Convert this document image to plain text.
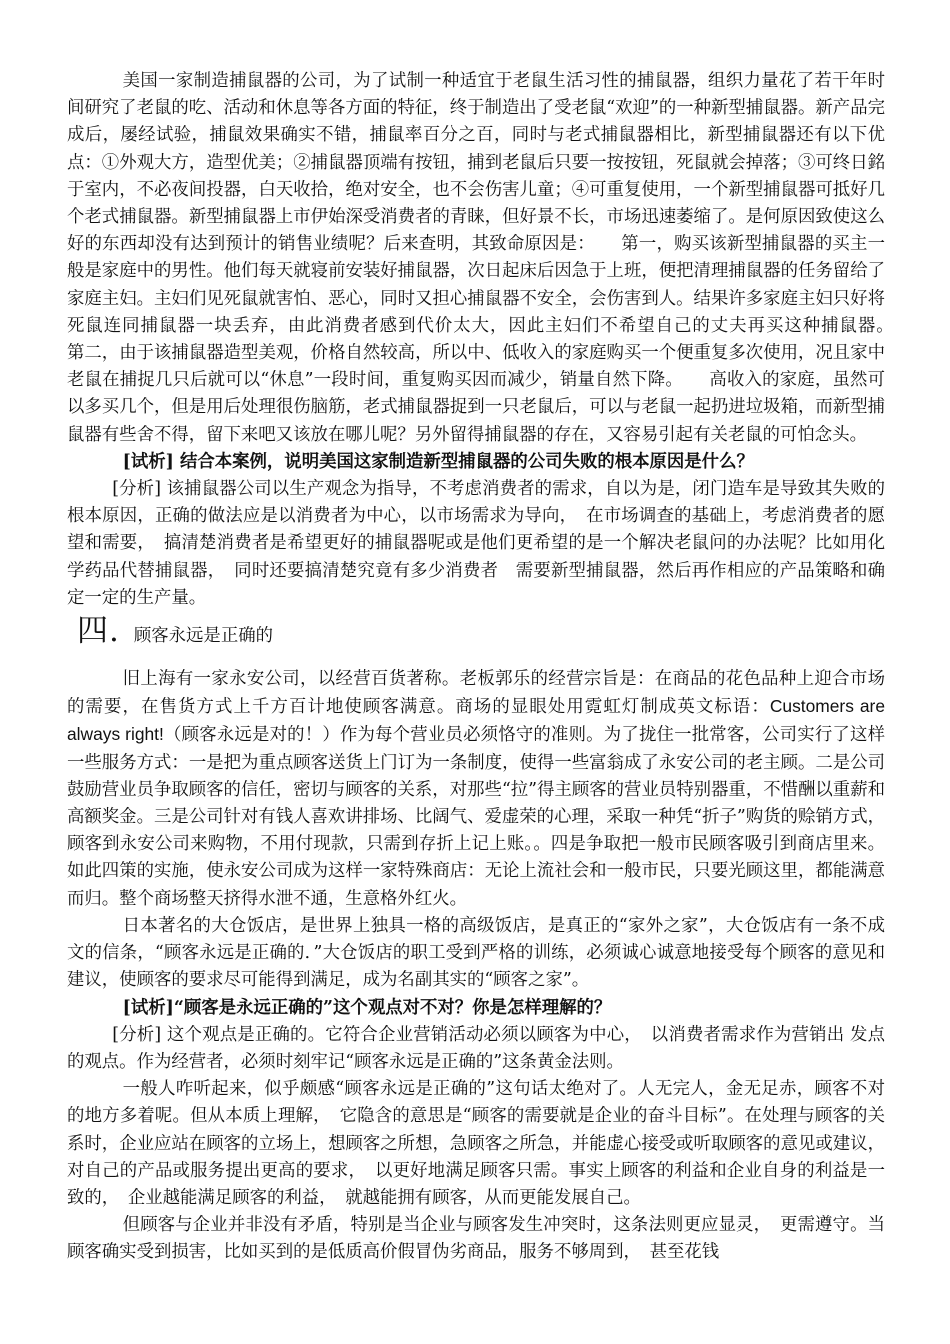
美国一家制造捕鼠器的公司，为了试制一种适宜于老鼠生活习性的捕鼠器，组织力量花了若干年时间研究了老鼠的吃、活动和休息等各方面的特征，终于制造出了受老鼠“欢迎”的一种新型捕鼠器。新产品完成后，屡经试验，捕鼠效果确实不错，捕鼠率百分之百，同时与老式捕鼠器相比，新型捕鼠器还有以下优点：①外观大方，造型优美；②捕鼠器顶端有按钮，捕到老鼠后只要一按按钮，死鼠就会掉落；③可终日銘于室内，不必夜间投器，白天收拾，绝对安全，也不会伤害儿童；④可重复使用，一个新型捕鼠器可抵好几个老式捕鼠器。新型捕鼠器上市伊始深受消费者的青睐，但好景不长，市场迅速萎缩了。是何原因致使这么好的东西却没有达到预计的销售业绩呢？后来查明，其致命原因是：　　第一，购买该新型捕鼠器的买主一般是家庭中的男性。他们每天就寝前安装好捕鼠器，次日起床后因急于上班，便把清理捕鼠器的任务留给了家庭主妇。主妇们见死鼠就害怕、恶心，同时又担心捕鼠器不安全，会伤害到人。结果许多家庭主妇只好将死鼠连同捕鼠器一块丢弃，由此消费者感到代价太大，因此主妇们不希望自己的丈夫再买这种捕鼠器。　　第二，由于该捕鼠器造型美观，价格自然较高，所以中、低收入的家庭购买一个便重复多次使用，况且家中老鼠在捕捉几只后就可以“休息”一段时间，重复购买因而减少，销量自然下降。　　高收入的家庭，虽然可以多买几个，但是用后处理很伤脑筋，老式捕鼠器捉到一只老鼠后，可以与老鼠一起扔进垃圾箱，而新型捕鼠器有些舍不得，留下来吧又该放在哪儿呢？另外留得捕鼠器的存在，又容易引起有关老鼠的可怕念头。

[试析] 结合本案例，说明美国这家制造新型捕鼠器的公司失败的根本原因是什么？

[分析] 该捕鼠器公司以生产观念为指导，不考虑消费者的需求，自以为是，闭门造车是导致其失败的根本原因，正确的做法应是以消费者为中心，以市场需求为导向，　在市场调查的基础上，考虑消费者的愿望和需要，　搞清楚消费者是希望更好的捕鼠器呢或是他们更希望的是一个解决老鼠问的办法呢？比如用化学药品代替捕鼠器，　同时还要搞清楚究竟有多少消费者　需要新型捕鼠器，然后再作相应的产品策略和确定一定的生产量。

四. 顾客永远是正确的

旧上海有一家永安公司，以经营百货著称。老板郭乐的经营宗旨是：在商品的花色品种上迎合市场的需要，在售货方式上千方百计地使顾客满意。商场的显眼处用霓虹灯制成英文标语：Customers are always right!（顾客永远是对的！）作为每个营业员必须恪守的准则。为了拢住一批常客，公司实行了这样一些服务方式：一是把为重点顾客送货上门订为一条制度，使得一些富翁成了永安公司的老主顾。二是公司鼓励营业员争取顾客的信任，密切与顾客的关系，对那些“拉”得主顾客的营业员特别器重，不惜酬以重薪和高额奖金。三是公司针对有钱人喜欢讲排场、比阔气、爱虚荣的心理，采取一种凭“折子”购货的赊销方式，顾客到永安公司来购物，不用付现款，只需到存折上记上账。。四是争取把一般市民顾客吸引到商店里来。如此四策的实施，使永安公司成为这样一家特殊商店：无论上流社会和一般市民，只要光顾这里，都能满意而归。整个商场整天挤得水泄不通，生意格外红火。

日本著名的大仓饭店，是世界上独具一格的高级饭店，是真正的“家外之家”，大仓饭店有一条不成文的信条，“顾客永远是正确的．”大仓饭店的职工受到严格的训练，必须诚心诚意地接受每个顾客的意见和建议，使顾客的要求尽可能得到满足，成为名副其实的“顾客之家”。

[试析]“顾客是永远正确的”这个观点对不对？你是怎样理解的？

[分析] 这个观点是正确的。它符合企业营销活动必须以顾客为中心，　以消费者需求作为营销出 发点的观点。作为经营者，必须时刻牢记“顾客永远是正确的”这条黄金法则。

一般人咋听起来，似乎颇感“顾客永远是正确的”这句话太绝对了。人无完人，金无足赤，顾客不对的地方多着呢。但从本质上理解，　它隐含的意思是“顾客的需要就是企业的奋斗目标”。在处理与顾客的关系时，企业应站在顾客的立场上，想顾客之所想，急顾客之所急，并能虚心接受或听取顾客的意见或建议，对自己的产品或服务提出更高的要求，　以更好地满足顾客只需。事实上顾客的利益和企业自身的利益是一致的，　企业越能满足顾客的利益，　就越能拥有顾客，从而更能发展自己。

但顾客与企业并非没有矛盾，特别是当企业与顾客发生冲突时，这条法则更应显灵，　更需遵守。当顾客确实受到损害，比如买到的是低质高价假冒伪劣商品，服务不够周到，　甚至花钱
